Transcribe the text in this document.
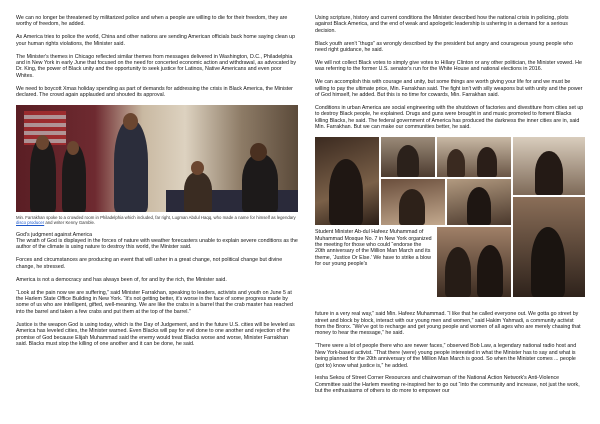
We can no longer be threatened by militarized police and when a people are willing to die for their freedom, they are worthy of freedom, he added.

As America tries to police the world, China and other nations are sending American officials back home saying clean up your human rights violations, the Minister said.

The Minister's themes in Chicago reflected similar themes from messages delivered in Washington, D.C., Philadelphia and in New York in early June that focused on the need for concerted economic action and withdrawal, as advocated by Dr. King, the power of Black unity and the opportunity to seek justice for Latinos, Native Americans and even poor Whites.

We need to boycott Xmas holiday spending as part of demands for addressing the crisis in Black America, the Minister declared. The crowd again applauded and shouted its approval.

Min. Farrakhan spoke to a crowded room in Philadelphia which included, far right, Lugman Abdul Haqq, who made a name for himself as legendary disco producer and writer Kenny Gamble.

God's judgment against America

The wrath of God is displayed in the forces of nature with weather forecasters unable to explain severe conditions as the author of the climate is using nature to destroy this world, the Minister said.

Forces and circumstances are producing an event that will usher in a great change, not political change but divine change, he stressed.

America is not a democracy and has always been of, for and by the rich, the Minister said.

“Look at the pain now we are suffering,” said Minister Farrakhan, speaking to leaders, activists and youth on June 5 at the Harlem State Office Building in New York. “It's not getting better, it's worse in the face of some progress made by some of us who are intelligent, gifted, well-meaning. We are like the crabs in a barrel that the crab master has reached into the barrel and taken a few crabs and put them at the top of the barrel.”

Justice is the weapon God is using today, which is the Day of Judgement, and in the future U.S. cities will be leveled as America has leveled cities, the Minister warned. Even Blacks will pay for evil done to one another and rejection of the promise of God because Elijah Muhammad said the enemy would treat Blacks worse and worse, Minister Farrakhan said. Blacks must stop the killing of one another and it can be done, he said.

Using scripture, history and current conditions the Minister described how the national crisis in policing, plots against Black America, and the end of weak and apologetic leadership is ushering in a demand for a serious decision.

Black youth aren't “thugs” as wrongly described by the president but angry and courageous young people who need right guidance, he said.

We will not collect Black votes to simply give votes to Hillary Clinton or any other politician, the Minister vowed. He was referring to the former U.S. senator's run for the White House and national elections in 2016.

We can accomplish this with courage and unity, but some things are worth giving your life for and we must be willing to pay the ultimate price, Min. Farrakhan said. The fight isn't with silly weapons but with unity and the power of God himself, he added. But this is no time for cowards, Min. Farrakhan said.

Conditions in urban America are social engineering with the shutdown of factories and divestiture from cities set up to destroy Black people, he explained. Drugs and guns were brought in and music promoted to foment Blacks killing Blacks, he said. The federal government of America has produced the darkness the inner cities are in, said Min. Farrakhan. But we can make our communities better, he said.

Student Minister Ab-dul Hafeez Muhammad of Muhammad Mosque No. 7 in New York organized the meeting for those who could “endorse the 20th anniversary of the Million Man March and its theme, ‘Justice Or Else.’ We have to strike a blow for our young people's

future in a very real way,” said Min. Hafeez Muhammad. “I like that he called everyone out. We gotta go street by street and block by block, interact with our young men and women,” said Hakim Yahmadi, a community activist from the Bronx. “We've got to recharge and get young people and women of all ages who are merely chasing that money to hear the message,” he said.

“There were a lot of people there who are newer faces,” observed Bob Law, a legendary national radio host and New York-based activist. “That there (were) young people interested in what the Minister has to say and what is being planned for the 20th anniversary of the Million Man March is good. So when the Minister comes ... people (got to) know what justice is,” he added.

Iesha Sekou of Street Corner Resources and chairwoman of the National Action Network's Anti-Violence Committee said the Harlem meeting re-inspired her to go out “into the community and increase, not just the work, but the enthusiasms of others to do more to empower our
